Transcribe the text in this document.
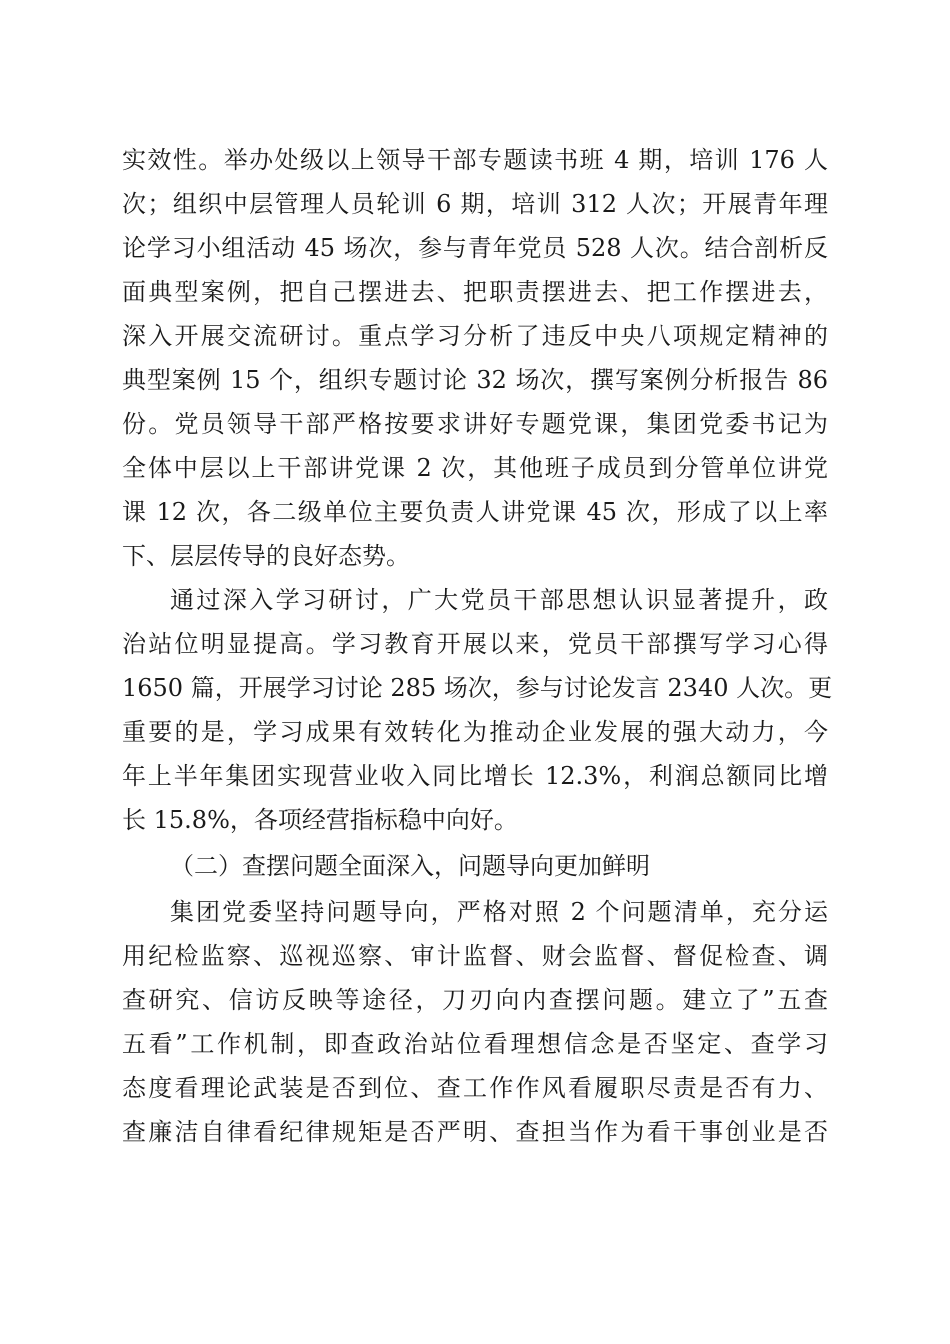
实效性。举办处级以上领导干部专题读书班 4 期，培训 176 人
次；组织中层管理人员轮训 6 期，培训 312 人次；开展青年理
论学习小组活动 45 场次，参与青年党员 528 人次。结合剖析反
面典型案例，把自己摆进去、把职责摆进去、把工作摆进去，
深入开展交流研讨。重点学习分析了违反中央八项规定精神的
典型案例 15 个，组织专题讨论 32 场次，撰写案例分析报告 86
份。党员领导干部严格按要求讲好专题党课，集团党委书记为
全体中层以上干部讲党课 2 次，其他班子成员到分管单位讲党
课 12 次，各二级单位主要负责人讲党课 45 次，形成了以上率
下、层层传导的良好态势。
通过深入学习研讨，广大党员干部思想认识显著提升，政
治站位明显提高。学习教育开展以来，党员干部撰写学习心得
1650 篇，开展学习讨论 285 场次，参与讨论发言 2340 人次。更
重要的是，学习成果有效转化为推动企业发展的强大动力，今
年上半年集团实现营业收入同比增长 12.3%，利润总额同比增
长 15.8%，各项经营指标稳中向好。
（二）查摆问题全面深入，问题导向更加鲜明
集团党委坚持问题导向，严格对照 2 个问题清单，充分运
用纪检监察、巡视巡察、审计监督、财会监督、督促检查、调
查研究、信访反映等途径，刀刃向内查摆问题。建立了”五查
五看”工作机制，即查政治站位看理想信念是否坚定、查学习
态度看理论武装是否到位、查工作作风看履职尽责是否有力、
查廉洁自律看纪律规矩是否严明、查担当作为看干事创业是否
